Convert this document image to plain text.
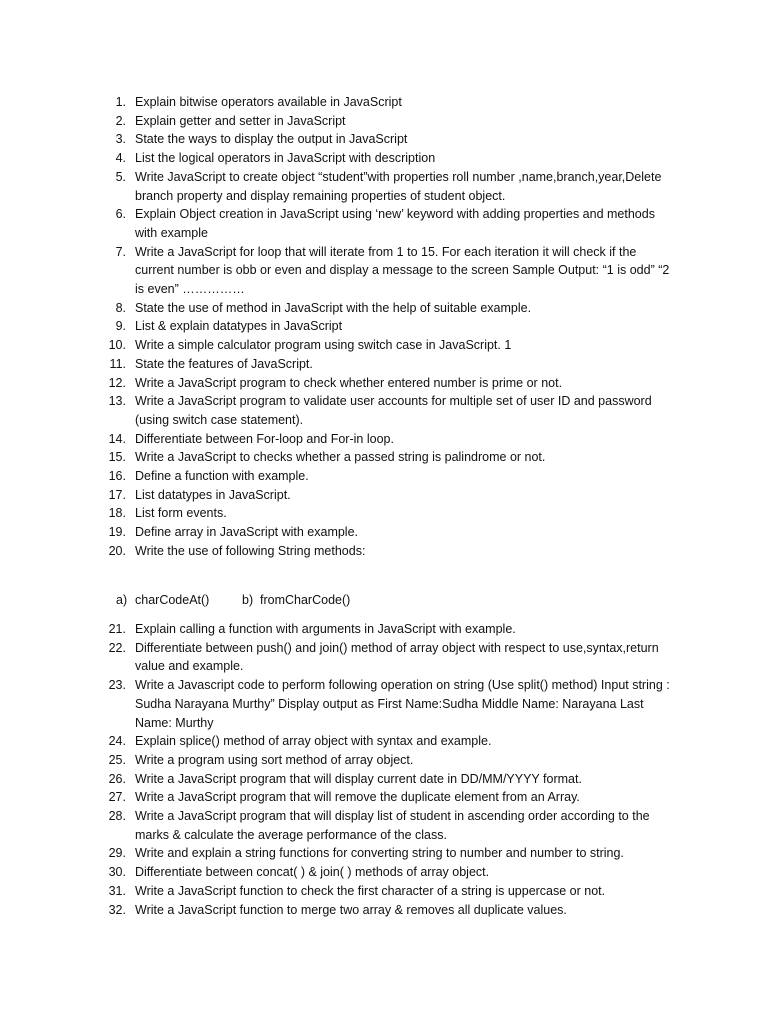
1. Explain bitwise operators available in JavaScript
2. Explain getter and setter in JavaScript
3. State the ways to display the output in JavaScript
4. List the logical operators in JavaScript with description
5. Write JavaScript to create object “student”with properties roll number ,name,branch,year,Delete branch property and display remaining properties of student object.
6. Explain Object creation in JavaScript using ‘new’ keyword with adding properties and methods with example
7. Write a JavaScript for loop that will iterate from 1 to 15. For each iteration it will check if the current number is obb or even and display a message to the screen Sample Output: “1 is odd” “2 is even” ……………
8. State the use of method in JavaScript with the help of suitable example.
9. List & explain datatypes in JavaScript
10. Write a simple calculator program using switch case in JavaScript. 1
11. State the features of JavaScript.
12. Write a JavaScript program to check whether entered number is prime or not.
13. Write a JavaScript program to validate user accounts for multiple set of user ID and password (using switch case statement).
14. Differentiate between For-loop and For-in loop.
15. Write a JavaScript to checks whether a passed string is palindrome or not.
16. Define a function with example.
17. List datatypes in JavaScript.
18. List form events.
19. Define array in JavaScript with example.
20. Write the use of following String methods:
a) charCodeAt()	b) fromCharCode()
21. Explain calling a function with arguments in JavaScript with example.
22. Differentiate between push() and join() method of array object with respect to use,syntax,return value and example.
23. Write a Javascript code to perform following operation on string (Use split() method) Input string : Sudha Narayana Murthy” Display output as First Name:Sudha Middle Name: Narayana Last Name: Murthy
24. Explain splice() method of array object with syntax and example.
25. Write a program using sort method of array object.
26. Write a JavaScript program that will display current date in DD/MM/YYYY format.
27. Write a JavaScript program that will remove the duplicate element from an Array.
28. Write a JavaScript program that will display list of student in ascending order according to the marks & calculate the average performance of the class.
29. Write and explain a string functions for converting string to number and number to string.
30. Differentiate between concat( ) & join( ) methods of array object.
31. Write a JavaScript function to check the first character of a string is uppercase or not.
32. Write a JavaScript function to merge two array & removes all duplicate values.
